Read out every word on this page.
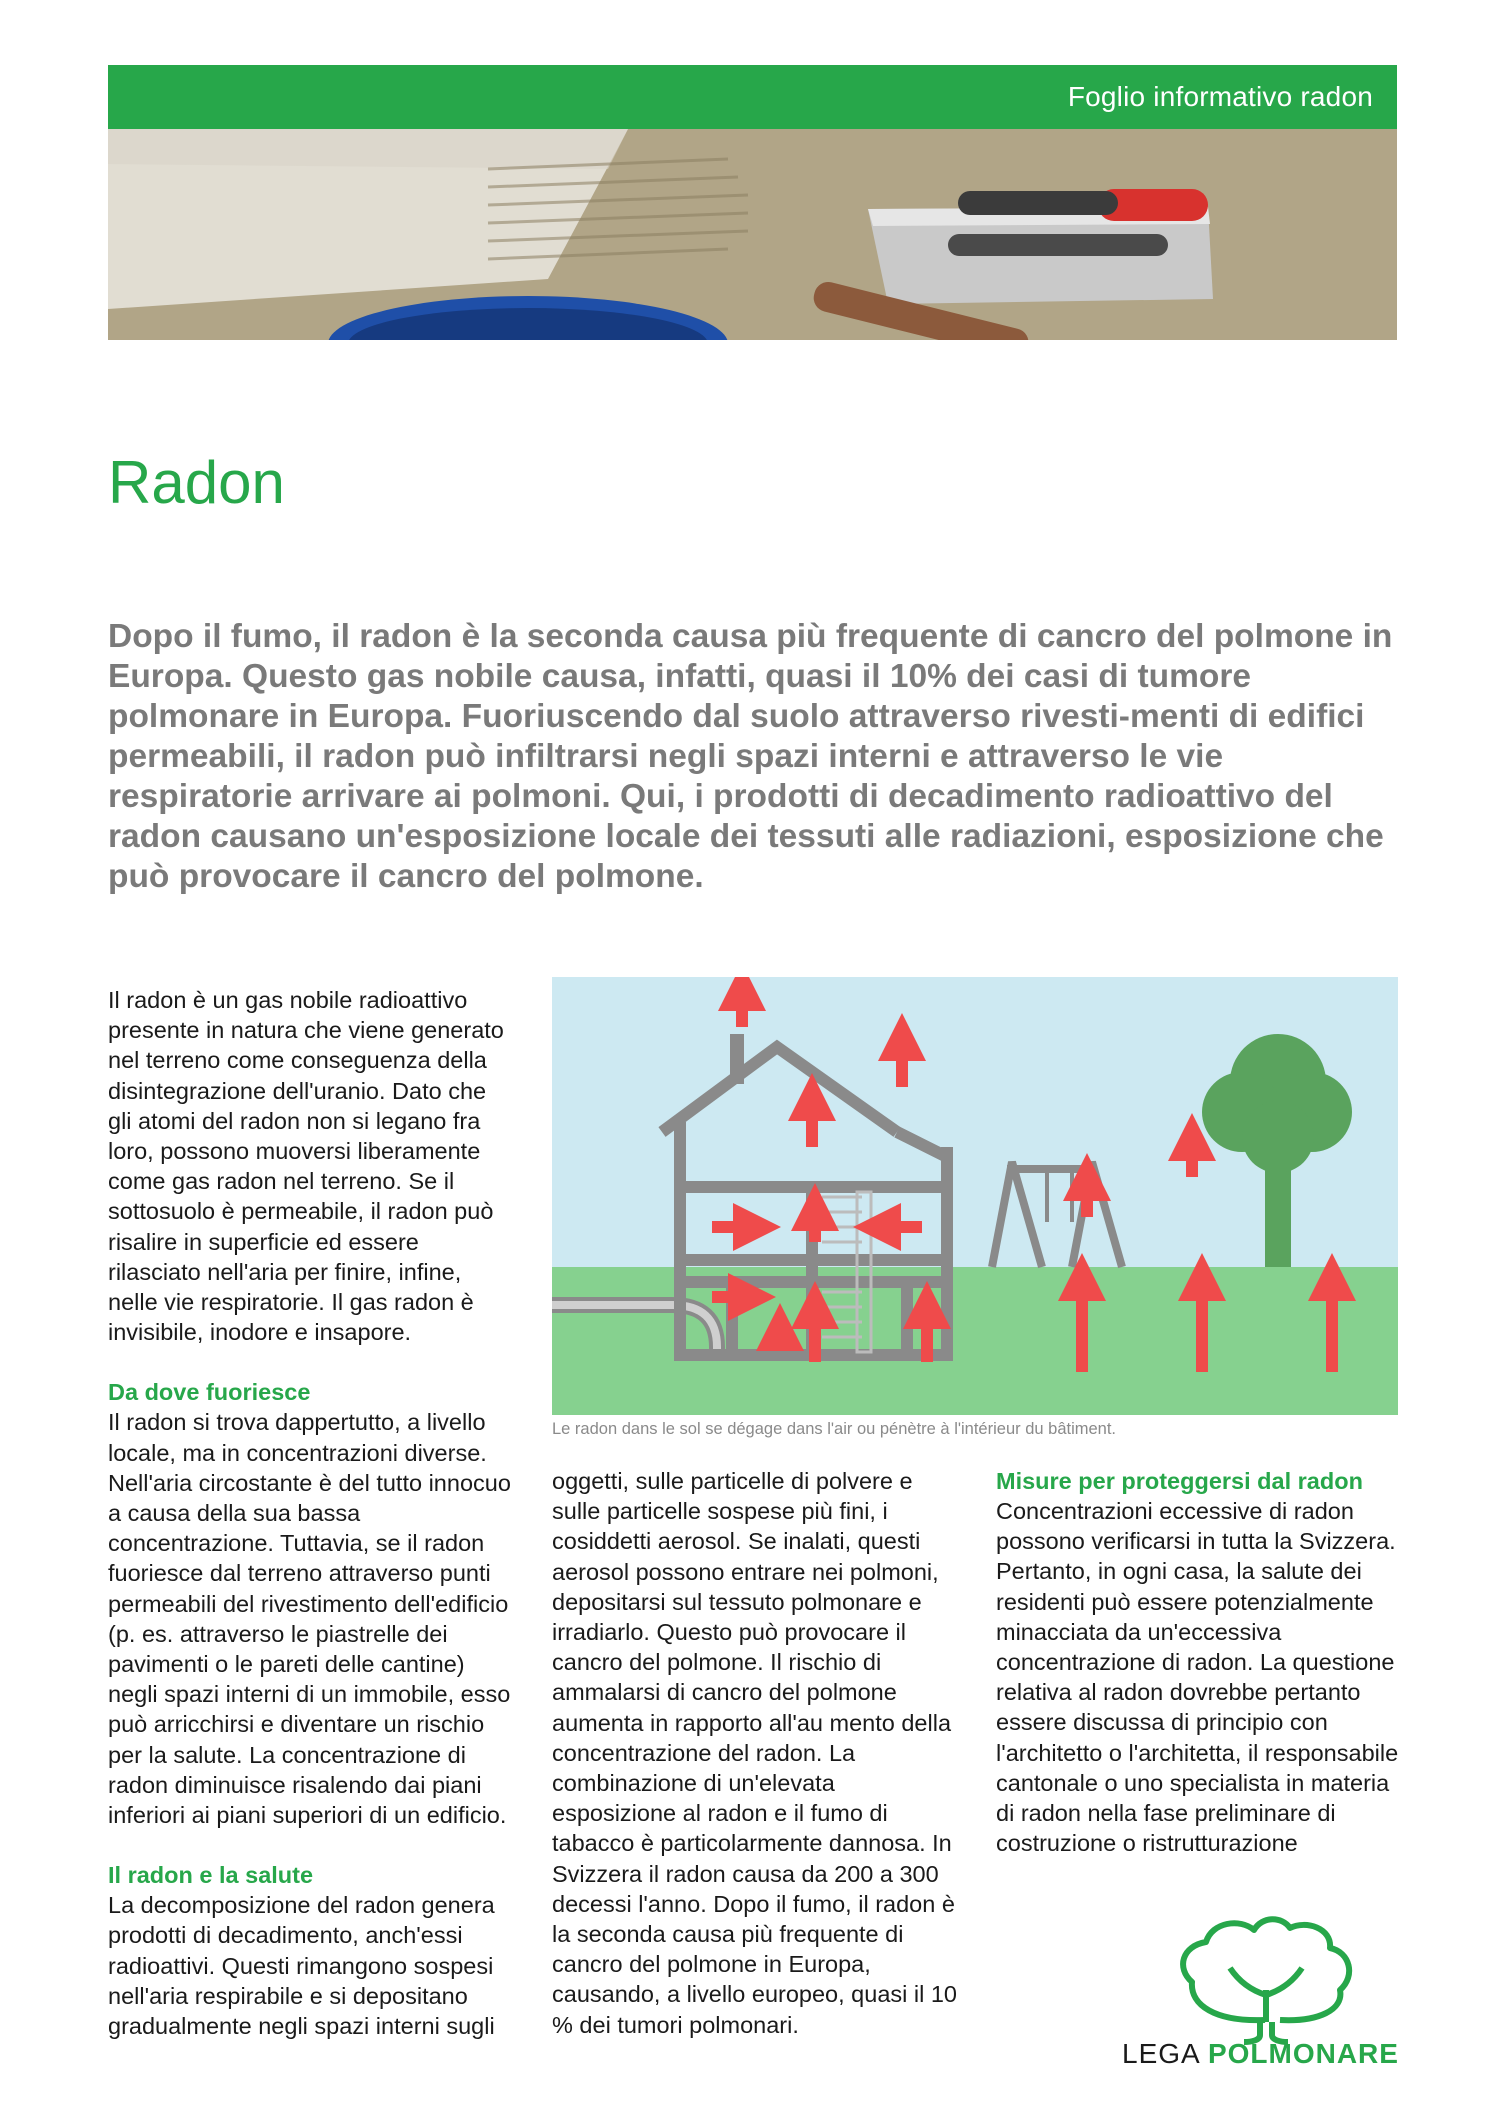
Foglio informativo radon
Radon

Dopo il fumo, il radon è la seconda causa più frequente di cancro del polmone in Europa. Questo gas nobile causa, infatti, quasi il 10% dei casi di tumore polmonare in Europa. Fuoriuscendo dal suolo attraverso rivesti-menti di edifici permeabili, il radon può infiltrarsi negli spazi interni e attraverso le vie respiratorie arrivare ai polmoni. Qui, i prodotti di decadimento radioattivo del radon causano un'esposizione locale dei tessuti alle radiazioni, esposizione che può provocare il cancro del polmone.

Il radon è un gas nobile radioattivo presente in natura che viene generato nel terreno come conseguenza della disintegrazione dell'uranio. Dato che gli atomi del radon non si legano fra loro, possono muoversi liberamente come gas radon nel terreno. Se il sottosuolo è permeabile, il radon può risalire in superficie ed essere rilasciato nell'aria per finire, infine, nelle vie respiratorie. Il gas radon è invisibile, inodore e insapore.

Da dove fuoriesce

Il radon si trova dappertutto, a livello locale, ma in concentrazioni diverse. Nell'aria circostante è del tutto innocuo a causa della sua bassa concentrazione. Tuttavia, se il radon fuoriesce dal terreno attraverso punti permeabili del rivestimento dell'edificio (p. es. attraverso le piastrelle dei pavimenti o le pareti delle cantine) negli spazi interni di un immobile, esso può arricchirsi e diventare un rischio per la salute. La concentrazione di radon diminuisce risalendo dai piani inferiori ai piani superiori di un edificio.

Il radon e la salute

La decomposizione del radon genera prodotti di decadimento, anch'essi radioattivi. Questi rimangono sospesi nell'aria respirabile e si depositano gradualmente negli spazi interni sugli

Le radon dans le sol se dégage dans l'air ou pénètre à l'intérieur du bâtiment.

oggetti, sulle particelle di polvere e sulle particelle sospese più fini, i cosiddetti aerosol. Se inalati, questi aerosol possono entrare nei polmoni, depositarsi sul tessuto polmonare e irradiarlo. Questo può provocare il cancro del polmone. Il rischio di ammalarsi di cancro del polmone aumenta in rapporto all'au mento della concentrazione del radon. La combinazione di un'elevata esposizione al radon e il fumo di tabacco è particolarmente dannosa. In Svizzera il radon causa da 200 a 300 decessi l'anno. Dopo il fumo, il radon è la seconda causa più frequente di cancro del polmone in Europa, causando, a livello europeo, quasi il 10 % dei tumori polmonari.

Misure per proteggersi dal radon

Concentrazioni eccessive di radon possono verificarsi in tutta la Svizzera. Pertanto, in ogni casa, la salute dei residenti può essere potenzialmente minacciata da un'eccessiva concentrazione di radon. La questione relativa al radon dovrebbe pertanto essere discussa di principio con l'architetto o l'architetta, il responsabile cantonale o uno specialista in materia di radon nella fase preliminare di costruzione o ristrutturazione

LEGA POLMONARE
